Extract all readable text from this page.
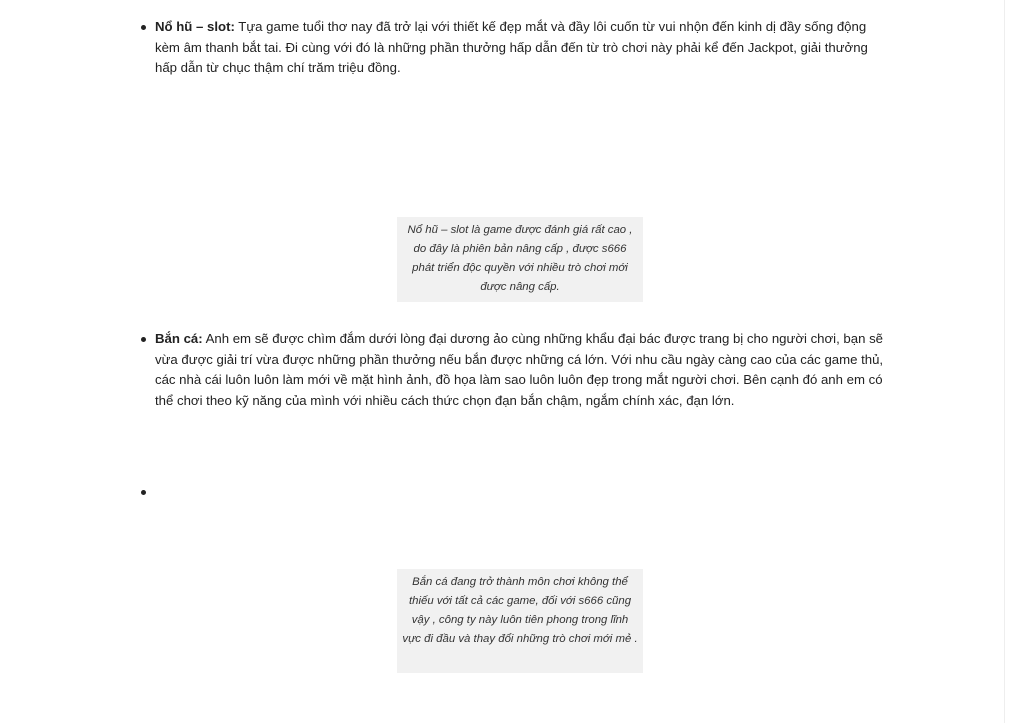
Nổ hũ – slot: Tựa game tuổi thơ nay đã trở lại với thiết kế đẹp mắt và đầy lôi cuốn từ vui nhộn đến kinh dị đầy sống động kèm âm thanh bắt tai. Đi cùng với đó là những phần thưởng hấp dẫn đến từ trò chơi này phải kể đến Jackpot, giải thưởng hấp dẫn từ chục thậm chí trăm triệu đồng.
Nổ hũ – slot là game được đánh giá rất cao , do đây là phiên bản nâng cấp , được s666 phát triển độc quyền với nhiều trò chơi mới được nâng cấp.
Bắn cá: Anh em sẽ được chìm đắm dưới lòng đại dương ảo cùng những khẩu đại bác được trang bị cho người chơi, bạn sẽ vừa được giải trí vừa được những phần thưởng nếu bắn được những cá lớn. Với nhu cầu ngày càng cao của các game thủ, các nhà cái luôn luôn làm mới về mặt hình ảnh, đồ họa làm sao luôn luôn đẹp trong mắt người chơi. Bên cạnh đó anh em có thể chơi theo kỹ năng của mình với nhiều cách thức chọn đạn bắn chậm, ngắm chính xác, đạn lớn.
Bắn cá đang trở thành môn chơi không thể thiếu với tất cả các game, đối với s666 cũng vậy , công ty này luôn tiên phong trong lĩnh vực đi đầu và thay đổi những trò chơi mới mẻ .
